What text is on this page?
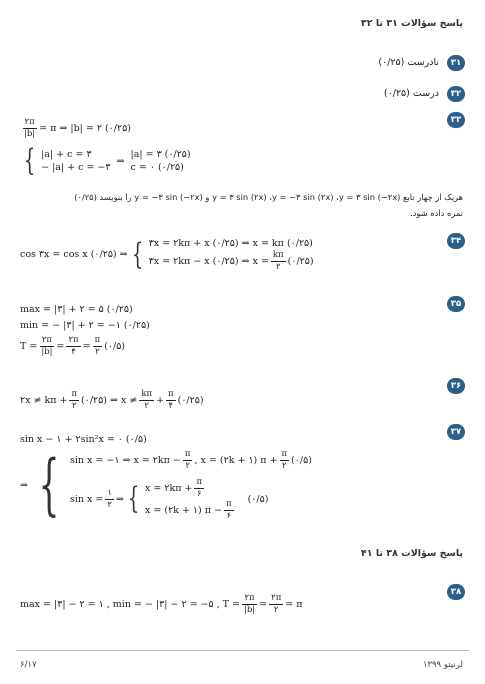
پاسخ سؤالات ۳۱ تا ۳۲
۳۱
نادرست (۰/۲۵)
۳۲
درست (۰/۲۵)
۳۳
$\frac{۲\pi}{|b|} = \pi$ ⇒ |b| = ۲ (۰/۲۵)
{ |a| + c = ۳
− |a| + c = −۳
⇒
|a| = ۳ (۰/۲۵)
c = ۰ (۰/۲۵)
هریک از چهار تابع y = ۳ sin (۲x) ،y = −۳ sin (۲x) ،y = ۳ sin (−۲x) و y = −۳ sin (−۲x) را بنویسد (۰/۲۵)
نمره داده شود.
۳۴
cos ۳x = cos x (۰/۲۵) ⇒ { ۳x = ۲kπ + x (۰/۲۵) ⇒ x = kπ (۰/۲۵)
۳x = ۲kπ − x (۰/۲۵) ⇒ $x = \frac{k\pi}{۲}$ (۰/۲۵)
۳۵
max = |۳| + ۲ = ۵ (۰/۲۵)
min = − |۳| + ۲ = −۱ (۰/۲۵)
$T = \frac{۲\pi}{|b|} = \frac{۲\pi}{۴} = \frac{\pi}{۲}$ (۰/۵)
۳۶
۲x ≠ $k\pi + \frac{\pi}{۲}$ (۰/۲۵) ⇒ $x \ne \frac{k\pi}{۲} + \frac{\pi}{۴}$ (۰/۲۵)
۳۷
sin x − ۱ + ۲sin²x = ۰ (۰/۵)
⇒ { sin x = −۱ ⇒ x = ۲kπ − $\frac{\pi}{۲}$ , x = (۲k + ۱) $\pi + \frac{\pi}{۲}$ (۰/۵)
$\sin x = \frac{۱}{۲}$ ⇒ { x = ۲kπ + $\frac{\pi}{۶}$
x = (۲k + ۱) $\pi - \frac{\pi}{۶}$
(۰/۵)
پاسخ سؤالات ۳۸ تا ۴۱
۳۸
max = |۳| − ۲ = ۱ , min = − |۳| − ۲ = −۵ , $T = \frac{۲\pi}{|b|} = \frac{۲\pi}{۲} = \pi$
۶/۱۷	لرنیتو ۱۳۹۹
